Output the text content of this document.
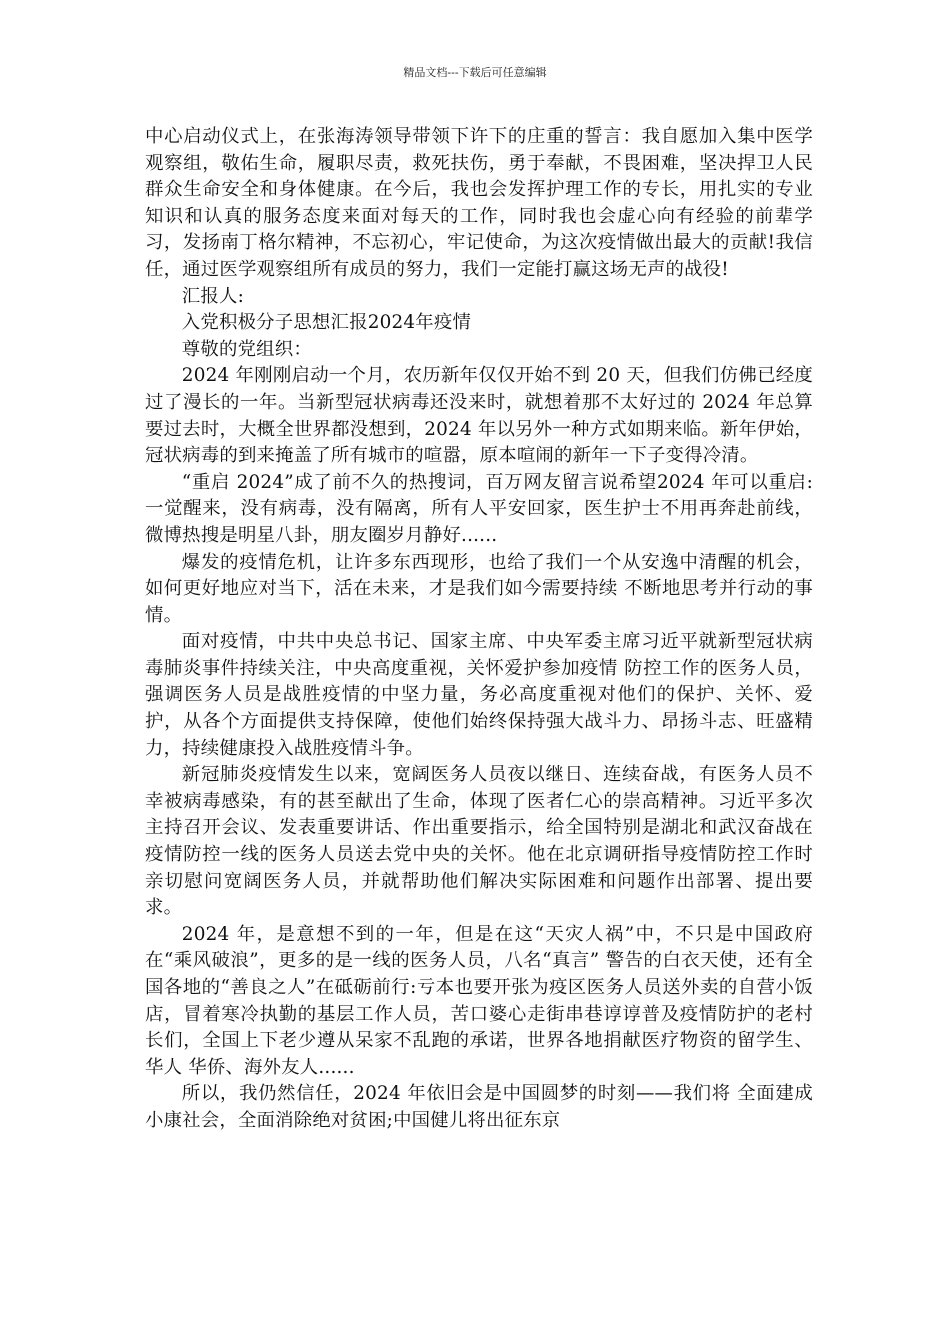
精品文档---下载后可任意编辑

中心启动仪式上，在张海涛领导带领下许下的庄重的誓言：我自愿加入集中医学观察组，敬佑生命，履职尽责，救死扶伤，勇于奉献，不畏困难，坚决捍卫人民群众生命安全和身体健康。在今后，我也会发挥护理工作的专长，用扎实的专业知识和认真的服务态度来面对每天的工作，同时我也会虚心向有经验的前辈学习，发扬南丁格尔精神，不忘初心，牢记使命，为这次疫情做出最大的贡献!我信任，通过医学观察组所有成员的努力，我们一定能打赢这场无声的战役!

汇报人:

入党积极分子思想汇报2024年疫情

尊敬的党组织：

2024 年刚刚启动一个月，农历新年仅仅开始不到 20 天，但我们仿佛已经度过了漫长的一年。当新型冠状病毒还没来时，就想着那不太好过的 2024 年总算要过去时，大概全世界都没想到，2024 年以另外一种方式如期来临。新年伊始，冠状病毒的到来掩盖了所有城市的喧嚣，原本喧闹的新年一下子变得冷清。

“重启 2024”成了前不久的热搜词，百万网友留言说希望2024 年可以重启:一觉醒来，没有病毒，没有隔离，所有人平安回家，医生护士不用再奔赴前线，微博热搜是明星八卦，朋友圈岁月静好......

爆发的疫情危机，让许多东西现形，也给了我们一个从安逸中清醒的机会，如何更好地应对当下，活在未来，才是我们如今需要持续 不断地思考并行动的事情。

面对疫情，中共中央总书记、国家主席、中央军委主席习近平就新型冠状病毒肺炎事件持续关注，中央高度重视，关怀爱护参加疫情 防控工作的医务人员，强调医务人员是战胜疫情的中坚力量，务必高度重视对他们的保护、关怀、爱护，从各个方面提供支持保障，使他们始终保持强大战斗力、昂扬斗志、旺盛精力，持续健康投入战胜疫情斗争。

新冠肺炎疫情发生以来，宽阔医务人员夜以继日、连续奋战，有医务人员不幸被病毒感染，有的甚至献出了生命，体现了医者仁心的崇高精神。习近平多次主持召开会议、发表重要讲话、作出重要指示，给全国特别是湖北和武汉奋战在疫情防控一线的医务人员送去党中央的关怀。他在北京调研指导疫情防控工作时亲切慰问宽阔医务人员，并就帮助他们解决实际困难和问题作出部署、提出要求。

2024 年，是意想不到的一年，但是在这“天灾人祸”中，不只是中国政府在“乘风破浪”，更多的是一线的医务人员，八名“真言” 警告的白衣天使，还有全国各地的“善良之人”在砥砺前行:亏本也要开张为疫区医务人员送外卖的自营小饭店，冒着寒冷执勤的基层工作人员，苦口婆心走街串巷谆谆普及疫情防护的老村长们，全国上下老少遵从呆家不乱跑的承诺，世界各地捐献医疗物资的留学生、华人 华侨、海外友人......

所以，我仍然信任，2024 年依旧会是中国圆梦的时刻——我们将 全面建成小康社会，全面消除绝对贫困;中国健儿将出征东京
